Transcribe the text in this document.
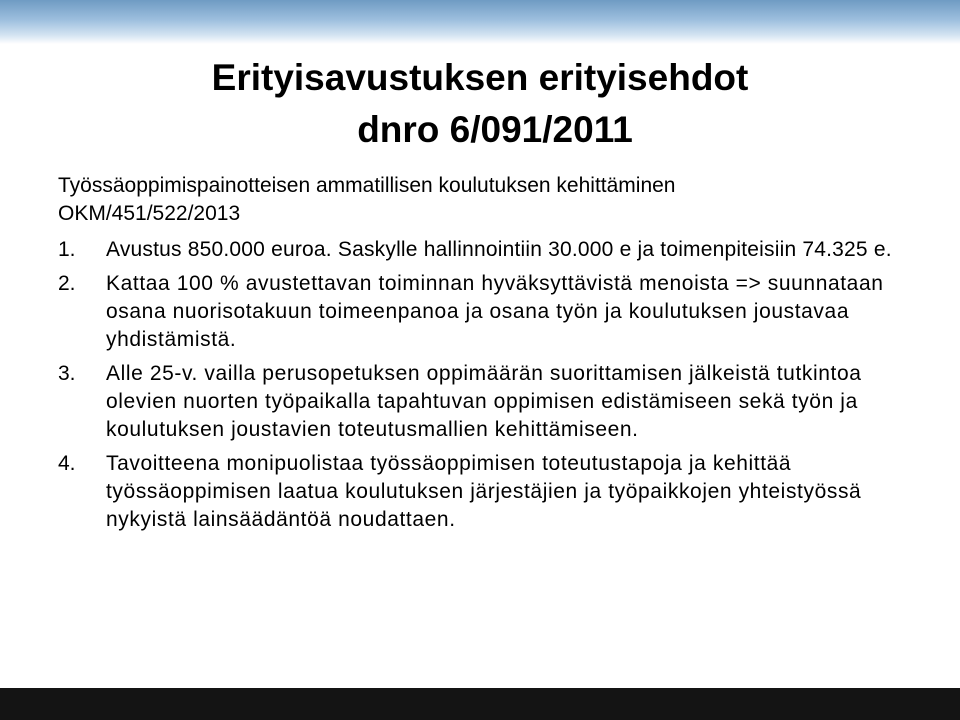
Erityisavustuksen erityisehdot
dnro 6/091/2011
Työssäoppimispainotteisen ammatillisen koulutuksen kehittäminen
OKM/451/522/2013
1.	Avustus 850.000 euroa. Saskylle hallinnointiin 30.000 e ja toimenpiteisiin 74.325 e.
2.	Kattaa 100 % avustettavan toiminnan hyväksyttävistä menoista => suunnataan osana nuorisotakuun toimeenpanoa ja osana työn ja koulutuksen joustavaa yhdistämistä.
3.	Alle 25-v. vailla perusopetuksen oppimäärän suorittamisen jälkeistä tutkintoa olevien nuorten työpaikalla tapahtuvan oppimisen edistämiseen sekä työn ja koulutuksen joustavien toteutusmallien kehittämiseen.
4.	Tavoitteena monipuolistaa työssäoppimisen toteutustapoja ja kehittää työssäoppimisen laatua koulutuksen järjestäjien ja työpaikkojen yhteistyössä nykyistä lainsäädäntöä noudattaen.
